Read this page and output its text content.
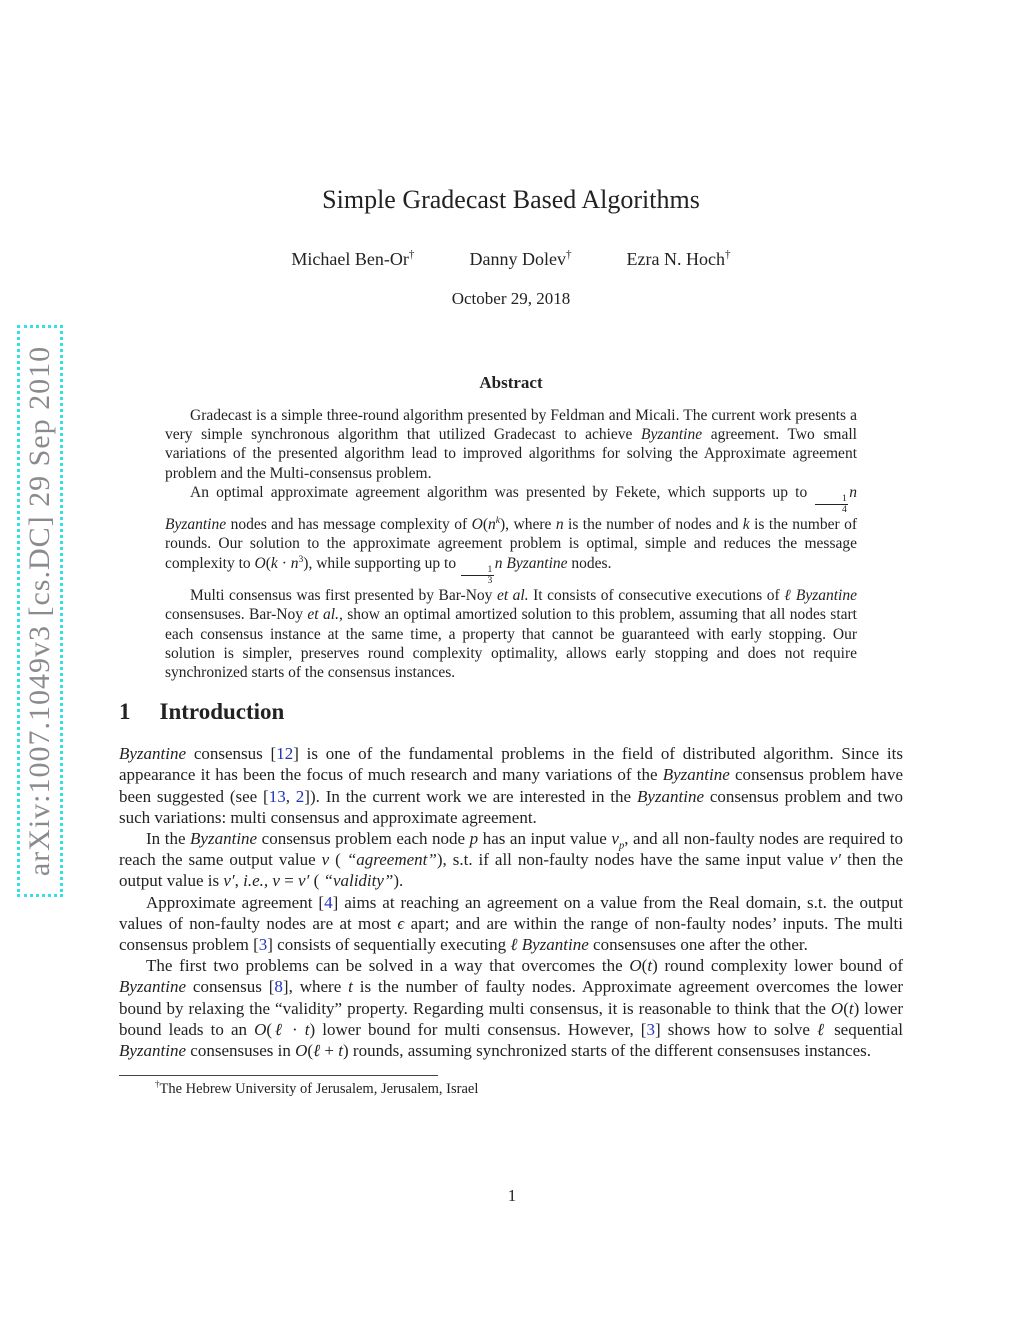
arXiv:1007.1049v3 [cs.DC] 29 Sep 2010
Simple Gradecast Based Algorithms
Michael Ben-Or†	Danny Dolev†	Ezra N. Hoch†
October 29, 2018
Abstract

Gradecast is a simple three-round algorithm presented by Feldman and Micali. The current work presents a very simple synchronous algorithm that utilized Gradecast to achieve Byzantine agreement. Two small variations of the presented algorithm lead to improved algorithms for solving the Approximate agreement problem and the Multi-consensus problem.

An optimal approximate agreement algorithm was presented by Fekete, which supports up to
$\frac{1}{4}$
n Byzantine nodes and has message complexity of $O(n^k)$, where n is the number of nodes and k is the number of rounds. Our solution to the approximate agreement problem is optimal, simple and reduces the message complexity to $O(k \cdot n^3)$, while supporting up to
$\frac{1}{3}$
n Byzantine nodes.

Multi consensus was first presented by Bar-Noy et al. It consists of consecutive executions of ℓ Byzantine consensuses. Bar-Noy et al., show an optimal amortized solution to this problem, assuming that all nodes start each consensus instance at the same time, a property that cannot be guaranteed with early stopping. Our solution is simpler, preserves round complexity optimality, allows early stopping and does not require synchronized starts of the consensus instances.

1 Introduction

Byzantine consensus [12] is one of the fundamental problems in the field of distributed algorithm. Since its appearance it has been the focus of much research and many variations of the Byzantine consensus problem have been suggested (see [13, 2]). In the current work we are interested in the Byzantine consensus problem and two such variations: multi consensus and approximate agreement.

In the Byzantine consensus problem each node p has an input value $v_p$, and all non-faulty nodes are required to reach the same output value v ( “agreement”), s.t. if all non-faulty nodes have the same input value v′ then the output value is v′, i.e., v = v′ ( “validity”).

Approximate agreement [4] aims at reaching an agreement on a value from the Real domain, s.t. the output values of non-faulty nodes are at most ϵ apart; and are within the range of non-faulty nodes’ inputs. The multi consensus problem [3] consists of sequentially executing ℓ Byzantine consensuses one after the other.

The first two problems can be solved in a way that overcomes the O(t) round complexity lower bound of Byzantine consensus [8], where t is the number of faulty nodes. Approximate agreement overcomes the lower bound by relaxing the “validity” property. Regarding multi consensus, it is reasonable to think that the O(t) lower bound leads to an O(ℓ · t) lower bound for multi consensus. However, [3] shows how to solve ℓ sequential Byzantine consensuses in O(ℓ + t) rounds, assuming synchronized starts of the different consensuses instances.

†The Hebrew University of Jerusalem, Jerusalem, Israel
1
